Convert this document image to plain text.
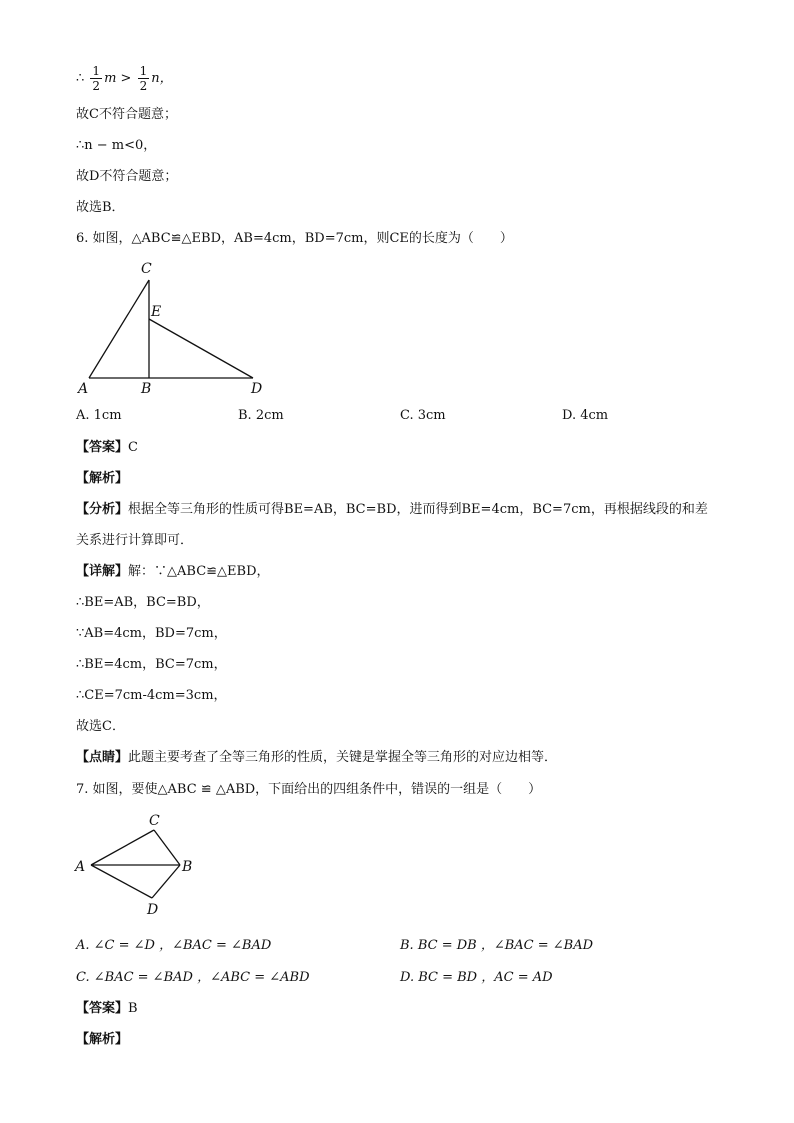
∴ $\frac{1}{2}$ $m > \frac{1}{2}$ n，
故C不符合题意；
∴n − m<0，
故D不符合题意；
故选B．
6. 如图，△ABC≌△EBD，AB=4cm，BD=7cm，则CE的长度为（　　）
C
E
A	B	D
A. 1cm	B. 2cm	C. 3cm	D. 4cm
【答案】C
【解析】
【分析】根据全等三角形的性质可得BE=AB，BC=BD，进而得到BE=4cm，BC=7cm，再根据线段的和差
关系进行计算即可．
【详解】解：∵△ABC≌△EBD，
∴BE=AB，BC=BD，
∵AB=4cm，BD=7cm，
∴BE=4cm，BC=7cm，
∴CE=7cm-4cm=3cm，
故选C．
【点睛】此题主要考查了全等三角形的性质，关键是掌握全等三角形的对应边相等．
7. 如图，要使△ABC ≌ △ABD，下面给出的四组条件中，错误的一组是（　　）
C
A	B
D
A. ∠C = ∠D ，∠BAC = ∠BAD	B. BC = DB ，∠BAC = ∠BAD
C. ∠BAC = ∠BAD ，∠ABC = ∠ABD	D. BC = BD ，AC = AD
【答案】B
【解析】
